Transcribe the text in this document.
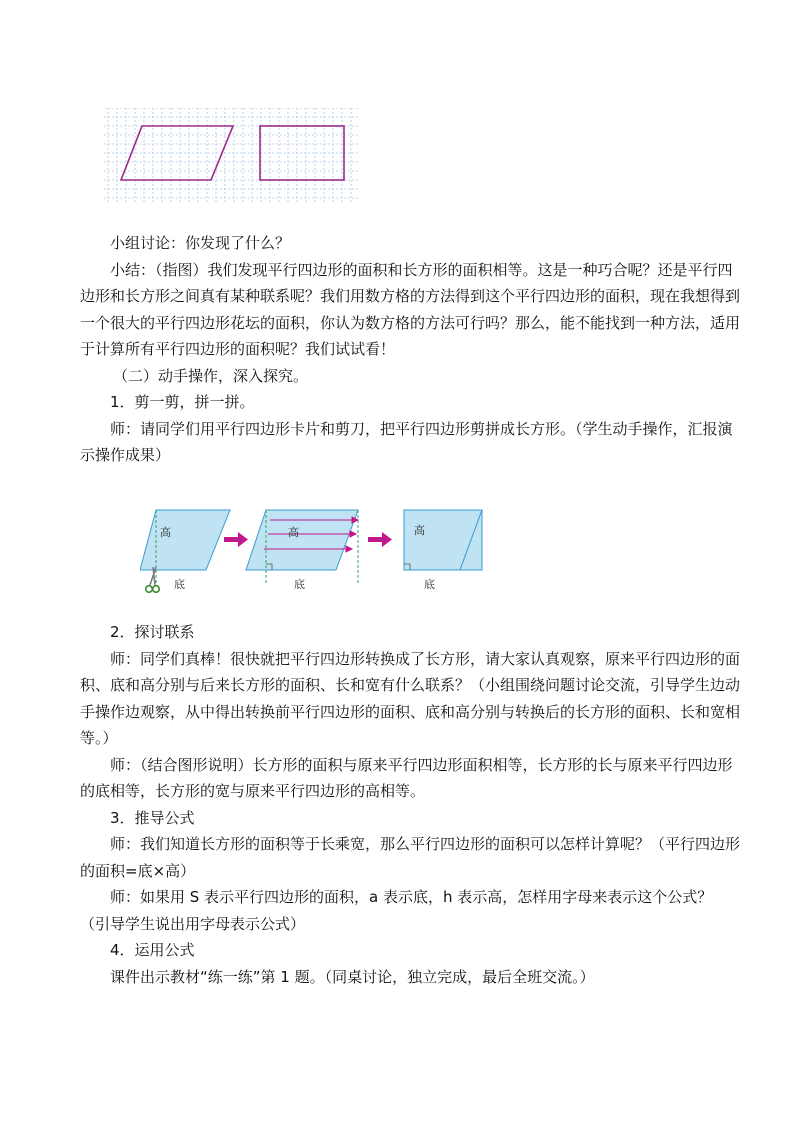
高
底
高
底
高
底

小组讨论：你发现了什么？

小结：（指图）我们发现平行四边形的面积和长方形的面积相等。这是一种巧合呢？还是平行四边形和长方形之间真有某种联系呢？我们用数方格的方法得到这个平行四边形的面积，现在我想得到一个很大的平行四边形花坛的面积，你认为数方格的方法可行吗？那么，能不能找到一种方法，适用于计算所有平行四边形的面积呢？我们试试看！

（二）动手操作，深入探究。

1．剪一剪，拼一拼。

师：请同学们用平行四边形卡片和剪刀，把平行四边形剪拼成长方形。（学生动手操作，汇报演示操作成果）

2．探讨联系

师：同学们真棒！很快就把平行四边形转换成了长方形，请大家认真观察，原来平行四边形的面积、底和高分别与后来长方形的面积、长和宽有什么联系？（小组围绕问题讨论交流，引导学生边动手操作边观察，从中得出转换前平行四边形的面积、底和高分别与转换后的长方形的面积、长和宽相等。）

师：（结合图形说明）长方形的面积与原来平行四边形面积相等，长方形的长与原来平行四边形的底相等，长方形的宽与原来平行四边形的高相等。

3．推导公式

师：我们知道长方形的面积等于长乘宽，那么平行四边形的面积可以怎样计算呢？（平行四边形的面积=底×高）

师：如果用 S 表示平行四边形的面积，a 表示底，h 表示高，怎样用字母来表示这个公式？（引导学生说出用字母表示公式）

4．运用公式

课件出示教材“练一练”第 1 题。（同桌讨论，独立完成，最后全班交流。）
